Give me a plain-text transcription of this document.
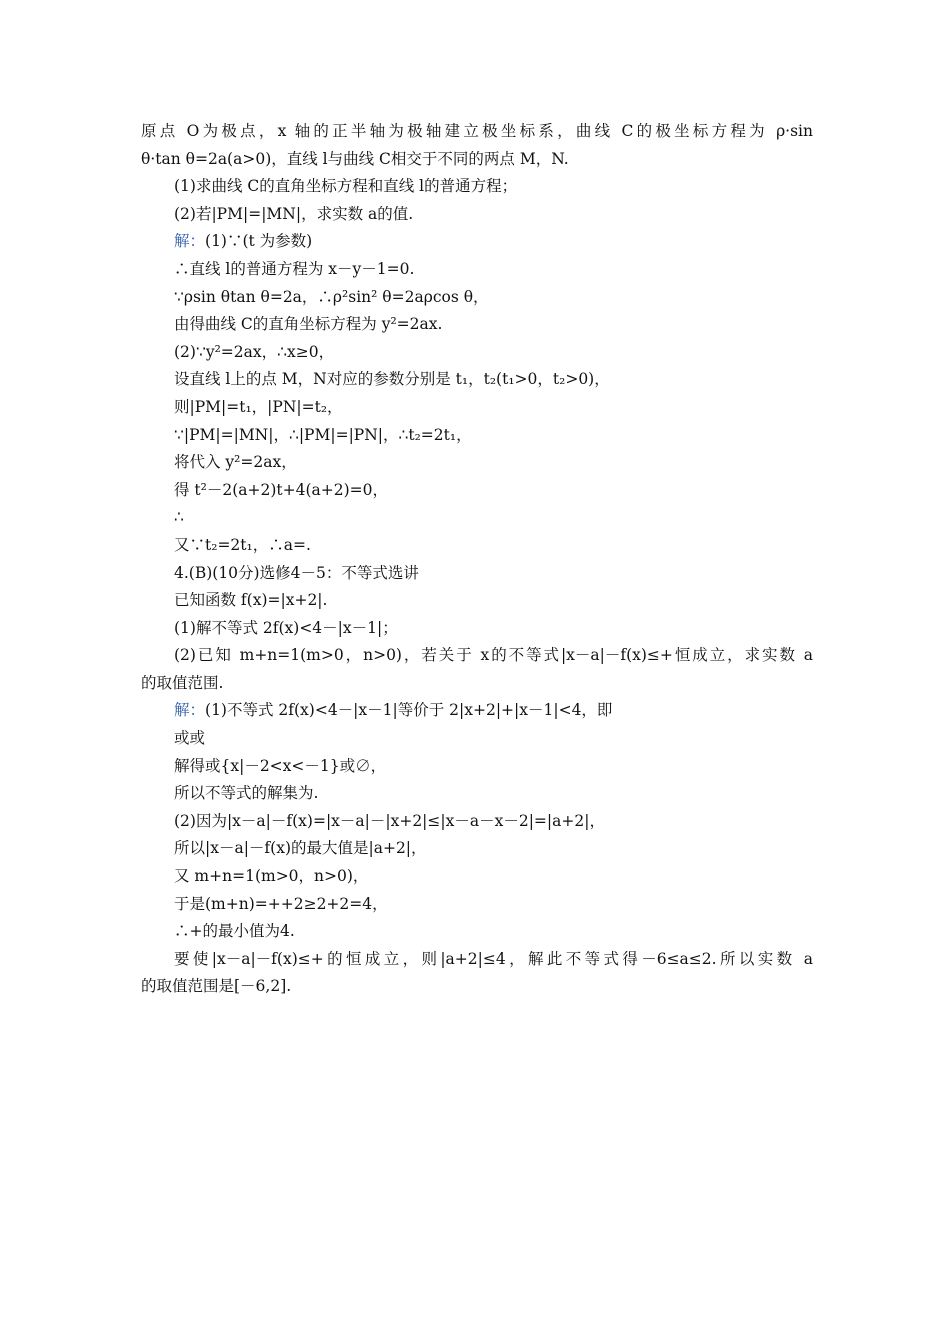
原点 O为极点，x 轴的正半轴为极轴建立极坐标系，曲线 C的极坐标方程为 ρ·sin
θ·tan θ=2a(a>0)，直线 l与曲线 C相交于不同的两点 M，N.
(1)求曲线 C的直角坐标方程和直线 l的普通方程；
(2)若|PM|=|MN|，求实数 a的值.
解：(1)∵(t 为参数)
∴直线 l的普通方程为 x－y－1=0.
∵ρsin θtan θ=2a，∴ρ²sin² θ=2aρcos θ，
由得曲线 C的直角坐标方程为 y²=2ax.
(2)∵y²=2ax，∴x≥0，
设直线 l上的点 M，N对应的参数分别是 t₁，t₂(t₁>0，t₂>0)，
则|PM|=t₁，|PN|=t₂，
∵|PM|=|MN|，∴|PM|=|PN|，∴t₂=2t₁，
将代入 y²=2ax，
得 t²－2(a+2)t+4(a+2)=0，
∴
又∵t₂=2t₁，∴a=.
4.(B)(10分)选修4－5：不等式选讲
已知函数 f(x)=|x+2|.
(1)解不等式 2f(x)<4－|x－1|；
(2)已知 m+n=1(m>0，n>0)，若关于 x的不等式|x－a|－f(x)≤+恒成立，求实数 a
的取值范围.
解：(1)不等式 2f(x)<4－|x－1|等价于 2|x+2|+|x－1|<4，即
或或
解得或{x|－2<x<－1}或∅，
所以不等式的解集为.
(2)因为|x－a|－f(x)=|x－a|－|x+2|≤|x－a－x－2|=|a+2|，
所以|x－a|－f(x)的最大值是|a+2|，
又 m+n=1(m>0，n>0)，
于是(m+n)=++2≥2+2=4，
∴+的最小值为4.
要使|x－a|－f(x)≤+的恒成立，则|a+2|≤4，解此不等式得－6≤a≤2.所以实数 a
的取值范围是[－6,2].
